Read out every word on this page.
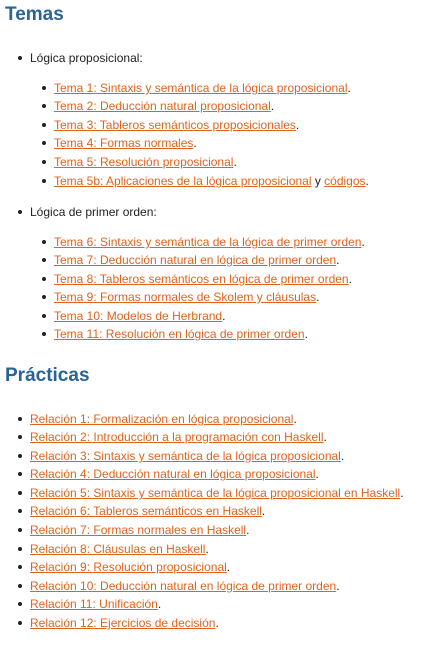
Temas
Lógica proposicional:
Tema 1: Sintaxis y semántica de la lógica proposicional.
Tema 2: Deducción natural proposicional.
Tema 3: Tableros semánticos proposicionales.
Tema 4: Formas normales.
Tema 5: Resolución proposicional.
Tema 5b: Aplicaciones de la lógica proposicional y códigos.
Lógica de primer orden:
Tema 6: Sintaxis y semántica de la lógica de primer orden.
Tema 7: Deducción natural en lógica de primer orden.
Tema 8: Tableros semánticos en lógica de primer orden.
Tema 9: Formas normales de Skolem y cláusulas.
Tema 10: Modelos de Herbrand.
Tema 11: Resolución en lógica de primer orden.
Prácticas
Relación 1: Formalización en lógica proposicional.
Relación 2: Introducción a la programación con Haskell.
Relación 3: Sintaxis y semántica de la lógica proposicional.
Relación 4: Deducción natural en lógica proposicional.
Relación 5: Sintaxis y semántica de la lógica proposicional en Haskell.
Relación 6: Tableros semánticos en Haskell.
Relación 7: Formas normales en Haskell.
Relación 8: Cláusulas en Haskell.
Relación 9: Resolución proposicional.
Relación 10: Deducción natural en lógica de primer orden.
Relación 11: Unificación.
Relación 12: Ejercicios de decisión.
